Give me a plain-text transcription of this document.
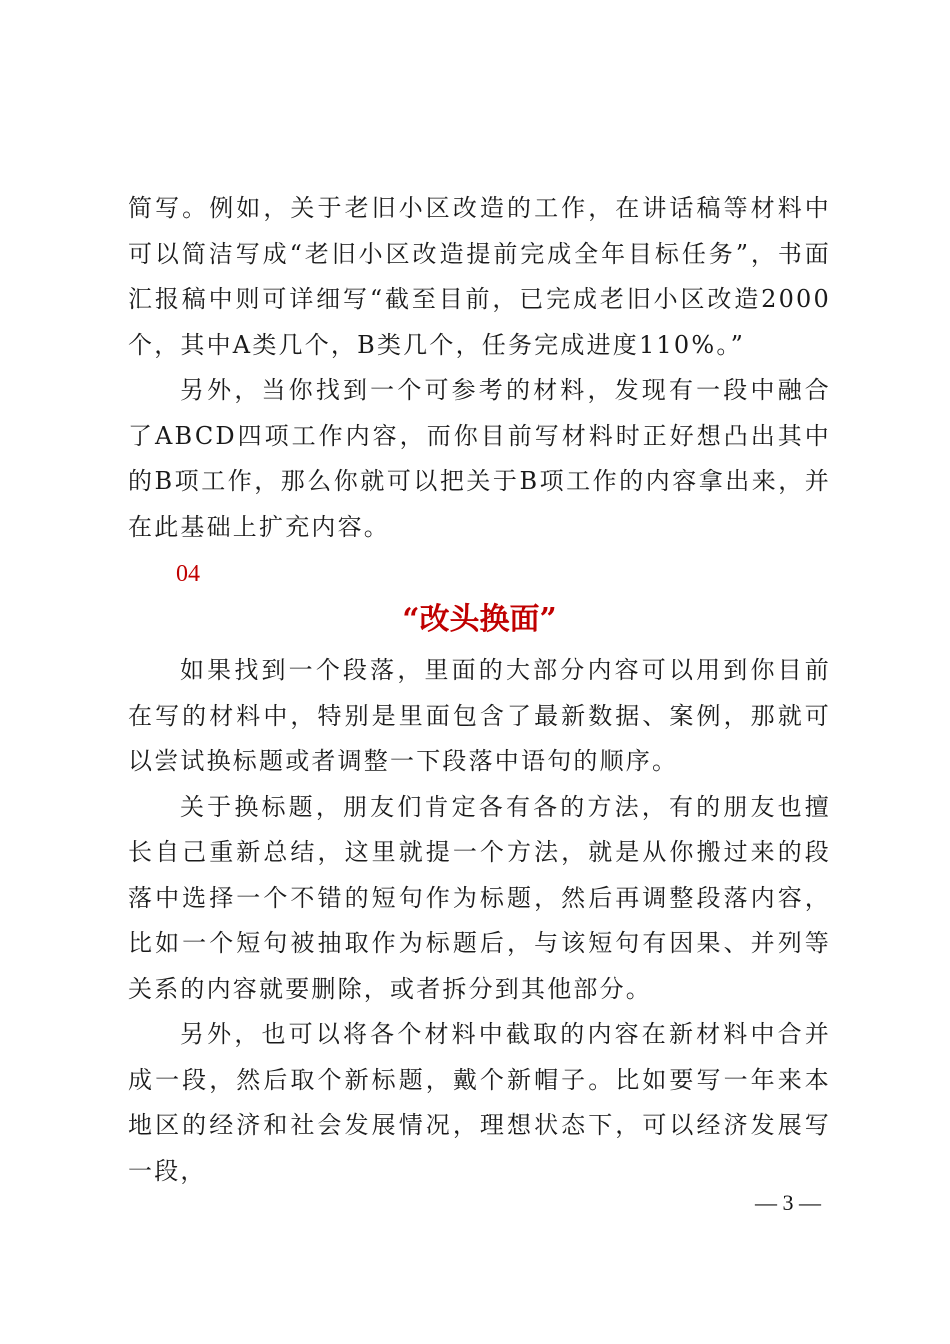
简写。例如，关于老旧小区改造的工作，在讲话稿等材料中可以简洁写成“老旧小区改造提前完成全年目标任务”，书面汇报稿中则可详细写“截至目前，已完成老旧小区改造2000个，其中A类几个，B类几个，任务完成进度110%。”

另外，当你找到一个可参考的材料，发现有一段中融合了ABCD四项工作内容，而你目前写材料时正好想凸出其中的B项工作，那么你就可以把关于B项工作的内容拿出来，并在此基础上扩充内容。

04

“改头换面”

如果找到一个段落，里面的大部分内容可以用到你目前在写的材料中，特别是里面包含了最新数据、案例，那就可以尝试换标题或者调整一下段落中语句的顺序。

关于换标题，朋友们肯定各有各的方法，有的朋友也擅长自己重新总结，这里就提一个方法，就是从你搬过来的段落中选择一个不错的短句作为标题，然后再调整段落内容，比如一个短句被抽取作为标题后，与该短句有因果、并列等关系的内容就要删除，或者拆分到其他部分。

另外，也可以将各个材料中截取的内容在新材料中合并成一段，然后取个新标题，戴个新帽子。比如要写一年来本地区的经济和社会发展情况，理想状态下，可以经济发展写一段，

— 3 —
